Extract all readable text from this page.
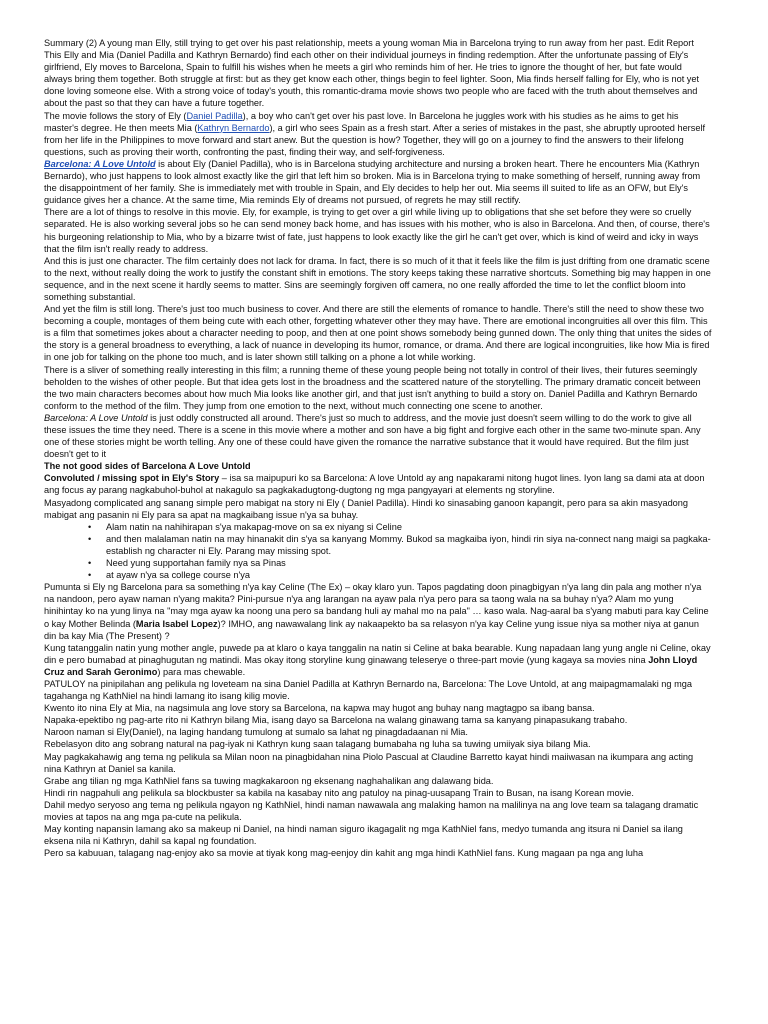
Summary (2) A young man Elly, still trying to get over his past relationship, meets a young woman Mia in Barcelona trying to run away from her past. Edit Report This Elly and Mia (Daniel Padilla and Kathryn Bernardo) find each other on their individual journeys in finding redemption. After the unfortunate passing of Ely's girlfriend, Ely moves to Barcelona, Spain to fulfill his wishes when he meets a girl who reminds him of her. He tries to ignore the thought of her, but fate would always bring them together. Both struggle at first: but as they get know each other, things begin to feel lighter. Soon, Mia finds herself falling for Ely, who is not yet done loving someone else. With a strong voice of today's youth, this romantic-drama movie shows two people who are faced with the truth about themselves and about the past so that they can have a future together.

The movie follows the story of Ely (Daniel Padilla), a boy who can't get over his past love. In Barcelona he juggles work with his studies as he aims to get his master's degree. He then meets Mia (Kathryn Bernardo), a girl who sees Spain as a fresh start. After a series of mistakes in the past, she abruptly uprooted herself from her life in the Philippines to move forward and start anew. But the question is how? Together, they will go on a journey to find the answers to their lifelong questions, such as proving their worth, confronting the past, finding their way, and self-forgiveness.

Barcelona: A Love Untold is about Ely (Daniel Padilla), who is in Barcelona studying architecture and nursing a broken heart. There he encounters Mia (Kathryn Bernardo), who just happens to look almost exactly like the girl that left him so broken. Mia is in Barcelona trying to make something of herself, running away from the disappointment of her family. She is immediately met with trouble in Spain, and Ely decides to help her out. Mia seems ill suited to life as an OFW, but Ely's guidance gives her a chance. At the same time, Mia reminds Ely of dreams not pursued, of regrets he may still rectify.

There are a lot of things to resolve in this movie. Ely, for example, is trying to get over a girl while living up to obligations that she set before they were so cruelly separated. He is also working several jobs so he can send money back home, and has issues with his mother, who is also in Barcelona. And then, of course, there's his burgeoning relationship to Mia, who by a bizarre twist of fate, just happens to look exactly like the girl he can't get over, which is kind of weird and icky in ways that the film isn't really ready to address.

And this is just one character. The film certainly does not lack for drama. In fact, there is so much of it that it feels like the film is just drifting from one dramatic scene to the next, without really doing the work to justify the constant shift in emotions. The story keeps taking these narrative shortcuts. Something big may happen in one sequence, and in the next scene it hardly seems to matter. Sins are seemingly forgiven off camera, no one really afforded the time to let the conflict bloom into something substantial.

And yet the film is still long. There's just too much business to cover. And there are still the elements of romance to handle. There's still the need to show these two becoming a couple, montages of them being cute with each other, forgetting whatever other they may have. There are emotional incongruities all over this film. This is a film that sometimes jokes about a character needing to poop, and then at one point shows somebody being gunned down. The only thing that unites the sides of the story is a general broadness to everything, a lack of nuance in developing its humor, romance, or drama. And there are logical incongruities, like how Mia is fired in one job for talking on the phone too much, and is later shown still talking on a phone a lot while working.

There is a sliver of something really interesting in this film; a running theme of these young people being not totally in control of their lives, their futures seemingly beholden to the wishes of other people. But that idea gets lost in the broadness and the scattered nature of the storytelling. The primary dramatic conceit between the two main characters becomes about how much Mia looks like another girl, and that just isn't anything to build a story on. Daniel Padilla and Kathryn Bernardo conform to the method of the film. They jump from one emotion to the next, without much connecting one scene to another.

Barcelona: A Love Untold is just oddly constructed all around. There's just so much to address, and the movie just doesn't seem willing to do the work to give all these issues the time they need. There is a scene in this movie where a mother and son have a big fight and forgive each other in the same two-minute span. Any one of these stories might be worth telling. Any one of these could have given the romance the narrative substance that it would have required. But the film just doesn't get to it

The not good sides of Barcelona A Love Untold

Convoluted / missing spot in Ely's Story – isa sa maipupuri ko sa Barcelona: A love Untold ay ang napakarami nitong hugot lines. Iyon lang sa dami ata at doon ang focus ay parang nagkabuhol-buhol at nakagulo sa pagkakadugtong-dugtong ng mga pangyayari at elements ng storyline.

Masyadong complicated ang sanang simple pero mabigat na story ni Ely ( Daniel Padilla). Hindi ko sinasabing ganoon kapangit, pero para sa akin masyadong mabigat ang pasanin ni Ely para sa apat na magkaibang issue n'ya sa buhay.

• Alam natin na nahihirapan s'ya makapag-move on sa ex niyang si Celine
• and then malalaman natin na may hinanakit din s'ya sa kanyang Mommy. Bukod sa magkaiba iyon, hindi rin siya na-connect nang maigi sa pagkaka-establish ng character ni Ely. Parang may missing spot.
• Need yung supportahan family nya sa Pinas
• at ayaw n'ya sa college course n'ya

Pumunta si Ely ng Barcelona para sa something n'ya kay Celine (The Ex) – okay klaro yun. Tapos pagdating doon pinagbigyan n'ya lang din pala ang mother n'ya na nandoon, pero ayaw naman n'yang makita? Pini-pursue n'ya ang larangan na ayaw pala n'ya pero para sa taong wala na sa buhay n'ya? Alam mo yung hinihintay ko na yung linya na "may mga ayaw ka noong una pero sa bandang huli ay mahal mo na pala" … kaso wala. Nag-aaral ba s'yang mabuti para kay Celine o kay Mother Belinda (Maria Isabel Lopez)? IMHO, ang nawawalang link ay nakaapekto ba sa relasyon n'ya kay Celine yung issue niya sa mother niya at ganun din ba kay Mia (The Present) ?

Kung tatanggalin natin yung mother angle, puwede pa at klaro o kaya tanggalin na natin si Celine at baka bearable. Kung napadaan lang yung angle ni Celine, okay din e pero bumabad at pinaghugutan ng matindi. Mas okay itong storyline kung ginawang teleserye o three-part movie (yung kagaya sa movies nina John Lloyd Cruz and Sarah Geronimo) para mas chewable.

PATULOY na pinipilahan ang pelikula ng loveteam na sina Daniel Padilla at Kathryn Bernardo na, Barcelona: The Love Untold, at ang maipagmamalaki ng mga tagahanga ng KathNiel na hindi lamang ito isang kilig movie.

Kwento ito nina Ely at Mia, na nagsimula ang love story sa Barcelona, na kapwa may hugot ang buhay nang magtagpo sa ibang bansa.

Napaka-epektibo ng pag-arte rito ni Kathryn bilang Mia, isang dayo sa Barcelona na walang ginawang tama sa kanyang pinapasukang trabaho.

Naroon naman si Ely(Daniel), na laging handang tumulong at sumalo sa lahat ng pinagdadaanan ni Mia.

Rebelasyon dito ang sobrang natural na pag-iyak ni Kathryn kung saan talagang bumabaha ng luha sa tuwing umiiyak siya bilang Mia.

May pagkakahawig ang tema ng pelikula sa Milan noon na pinagbidahan nina Piolo Pascual at Claudine Barretto kayat hindi maiiwasan na ikumpara ang acting nina Kathryn at Daniel sa kanila.

Grabe ang tilian ng mga KathNiel fans sa tuwing magkakaroon ng eksenang naghahalikan ang dalawang bida.

Hindi rin nagpahuli ang pelikula sa blockbuster sa kabila na kasabay nito ang patuloy na pinag-uusapang Train to Busan, na isang Korean movie.

Dahil medyo seryoso ang tema ng pelikula ngayon ng KathNiel, hindi naman nawawala ang malaking hamon na malilinya na ang love team sa talagang dramatic movies at tapos na ang mga pa-cute na pelikula.

May konting napansin lamang ako sa makeup ni Daniel, na hindi naman siguro ikagagalit ng mga KathNiel fans, medyo tumanda ang itsura ni Daniel sa ilang eksena nila ni Kathryn, dahil sa kapal ng foundation.

Pero sa kabuuan, talagang nag-enjoy ako sa movie at tiyak kong mag-eenjoy din kahit ang mga hindi KathNiel fans. Kung magaan pa nga ang luha
